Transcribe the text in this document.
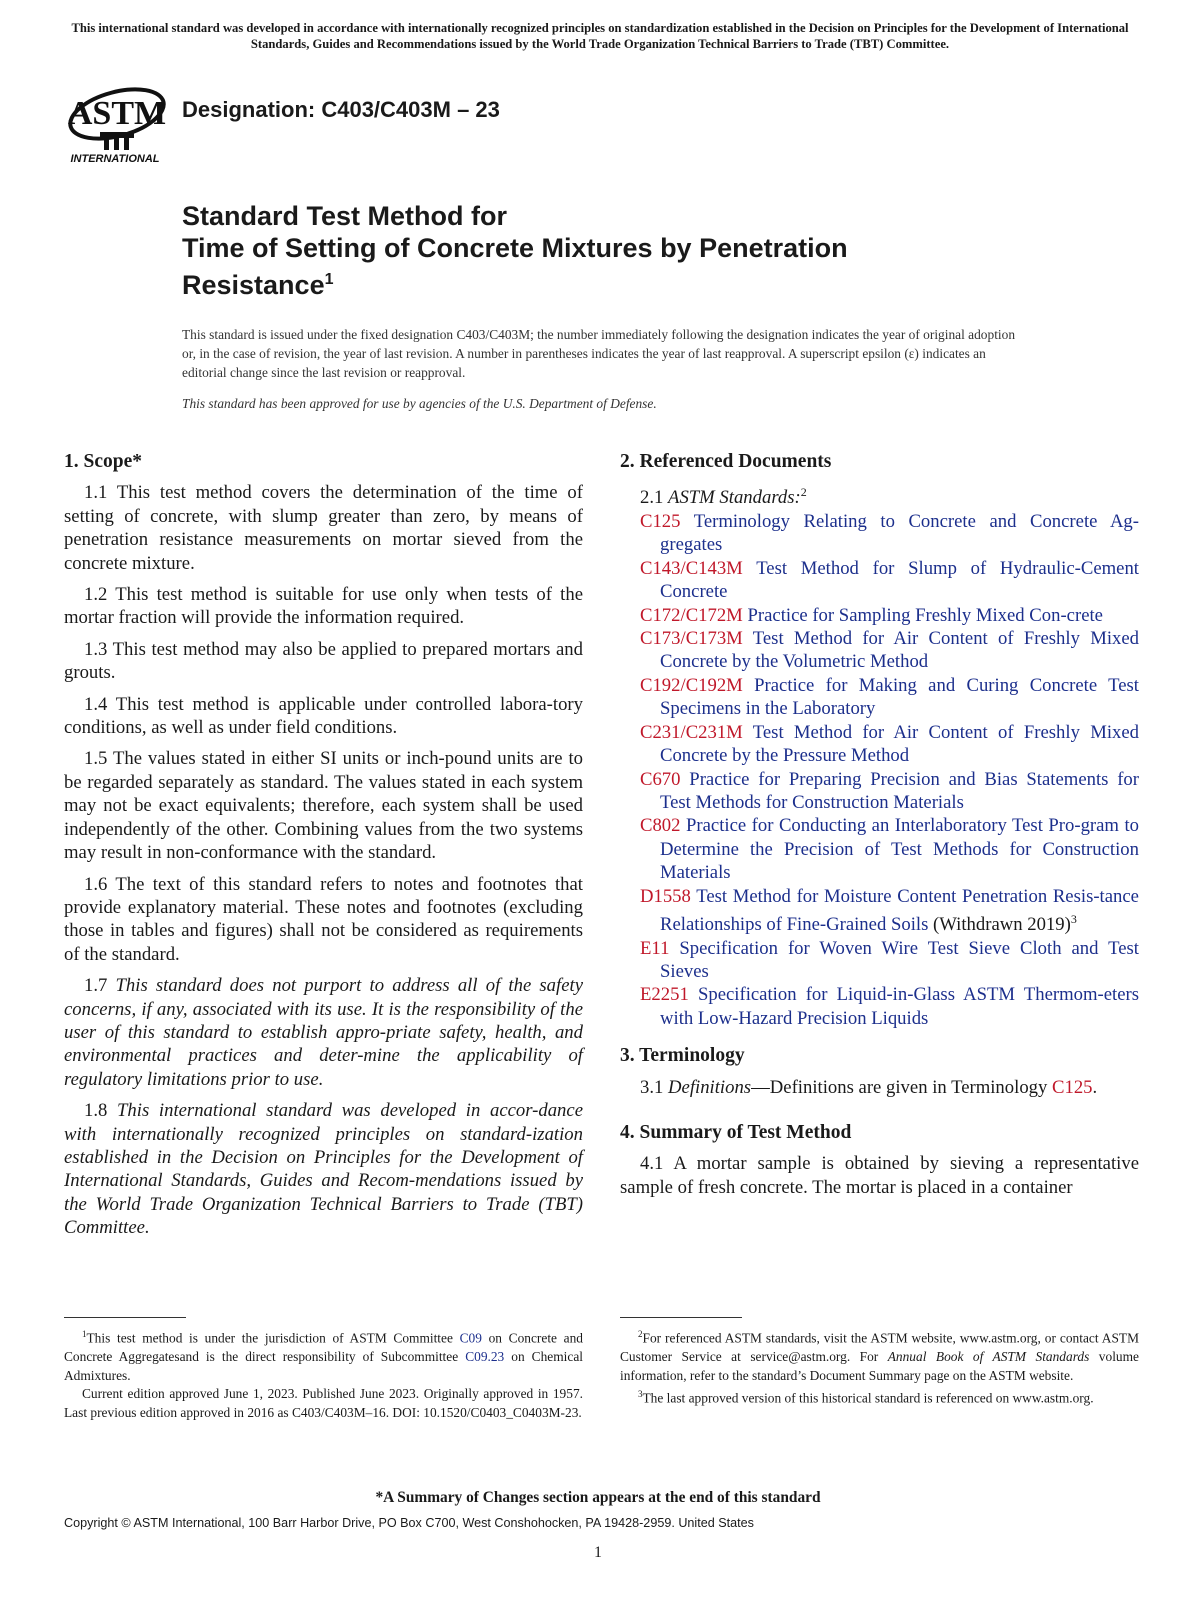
This international standard was developed in accordance with internationally recognized principles on standardization established in the Decision on Principles for the Development of International Standards, Guides and Recommendations issued by the World Trade Organization Technical Barriers to Trade (TBT) Committee.
ASTM
INTERNATIONAL
Designation: C403/C403M – 23
Standard Test Method for
Time of Setting of Concrete Mixtures by Penetration
Resistance$^1$

This standard is issued under the fixed designation C403/C403M; the number immediately following the designation indicates the year of original adoption or, in the case of revision, the year of last revision. A number in parentheses indicates the year of last reapproval. A superscript epsilon (ε) indicates an editorial change since the last revision or reapproval.

This standard has been approved for use by agencies of the U.S. Department of Defense.

1. Scope*

1.1 This test method covers the determination of the time of setting of concrete, with slump greater than zero, by means of penetration resistance measurements on mortar sieved from the concrete mixture.

1.2 This test method is suitable for use only when tests of the mortar fraction will provide the information required.

1.3 This test method may also be applied to prepared mortars and grouts.

1.4 This test method is applicable under controlled labora-tory conditions, as well as under field conditions.

1.5 The values stated in either SI units or inch-pound units are to be regarded separately as standard. The values stated in each system may not be exact equivalents; therefore, each system shall be used independently of the other. Combining values from the two systems may result in non-conformance with the standard.

1.6 The text of this standard refers to notes and footnotes that provide explanatory material. These notes and footnotes (excluding those in tables and figures) shall not be considered as requirements of the standard.

1.7 This standard does not purport to address all of the safety concerns, if any, associated with its use. It is the responsibility of the user of this standard to establish appro-priate safety, health, and environmental practices and deter-mine the applicability of regulatory limitations prior to use.

1.8 This international standard was developed in accor-dance with internationally recognized principles on standard-ization established in the Decision on Principles for the Development of International Standards, Guides and Recom-mendations issued by the World Trade Organization Technical Barriers to Trade (TBT) Committee.

2. Referenced Documents

2.1 ASTM Standards:$^2$

C125 Terminology Relating to Concrete and Concrete Ag-gregates

C143/C143M Test Method for Slump of Hydraulic-Cement Concrete

C172/C172M Practice for Sampling Freshly Mixed Con-crete

C173/C173M Test Method for Air Content of Freshly Mixed Concrete by the Volumetric Method

C192/C192M Practice for Making and Curing Concrete Test Specimens in the Laboratory

C231/C231M Test Method for Air Content of Freshly Mixed Concrete by the Pressure Method

C670 Practice for Preparing Precision and Bias Statements for Test Methods for Construction Materials

C802 Practice for Conducting an Interlaboratory Test Pro-gram to Determine the Precision of Test Methods for Construction Materials

D1558 Test Method for Moisture Content Penetration Resis-tance Relationships of Fine-Grained Soils (Withdrawn 2019)$^3$

E11 Specification for Woven Wire Test Sieve Cloth and Test Sieves

E2251 Specification for Liquid-in-Glass ASTM Thermom-eters with Low-Hazard Precision Liquids

3. Terminology

3.1 Definitions—Definitions are given in Terminology C125.

4. Summary of Test Method

4.1 A mortar sample is obtained by sieving a representative sample of fresh concrete. The mortar is placed in a container

$^1$This test method is under the jurisdiction of ASTM Committee C09 on Concrete and Concrete Aggregatesand is the direct responsibility of Subcommittee C09.23 on Chemical Admixtures.

Current edition approved June 1, 2023. Published June 2023. Originally approved in 1957. Last previous edition approved in 2016 as C403/C403M–16. DOI: 10.1520/C0403_C0403M-23.

$^2$For referenced ASTM standards, visit the ASTM website, www.astm.org, or contact ASTM Customer Service at service@astm.org. For Annual Book of ASTM Standards volume information, refer to the standard’s Document Summary page on the ASTM website.

$^3$The last approved version of this historical standard is referenced on www.astm.org.

*A Summary of Changes section appears at the end of this standard
Copyright © ASTM International, 100 Barr Harbor Drive, PO Box C700, West Conshohocken, PA 19428-2959. United States
1
